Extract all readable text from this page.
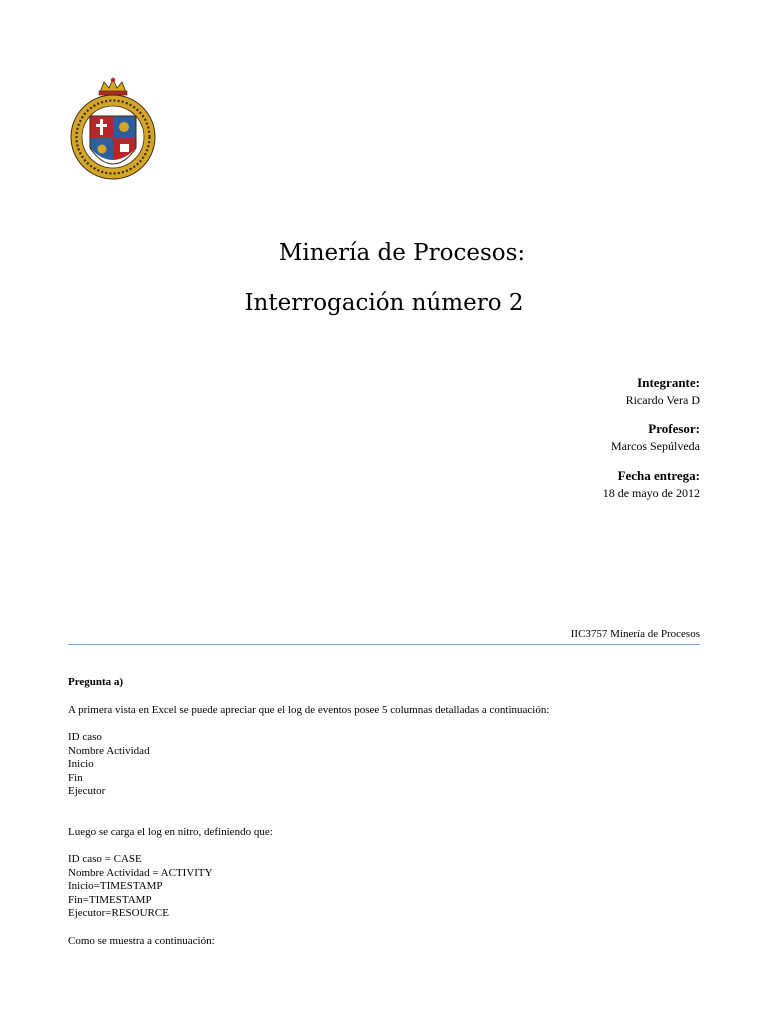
Minería de Procesos:
Interrogación número 2
Integrante:
Ricardo Vera D
Profesor:
Marcos Sepúlveda
Fecha entrega:
18 de mayo de 2012
IIC3757 Minería de Procesos

Pregunta a)

A primera vista en Excel se puede apreciar que el log de eventos posee 5 columnas detalladas a continuación:

ID caso

Nombre Actividad

Inicio

Fin

Ejecutor

Luego se carga el log en nitro, definiendo que:

ID caso = CASE

Nombre Actividad = ACTIVITY

Inicio=TIMESTAMP

Fin=TIMESTAMP

Ejecutor=RESOURCE

Como se muestra a continuación:
